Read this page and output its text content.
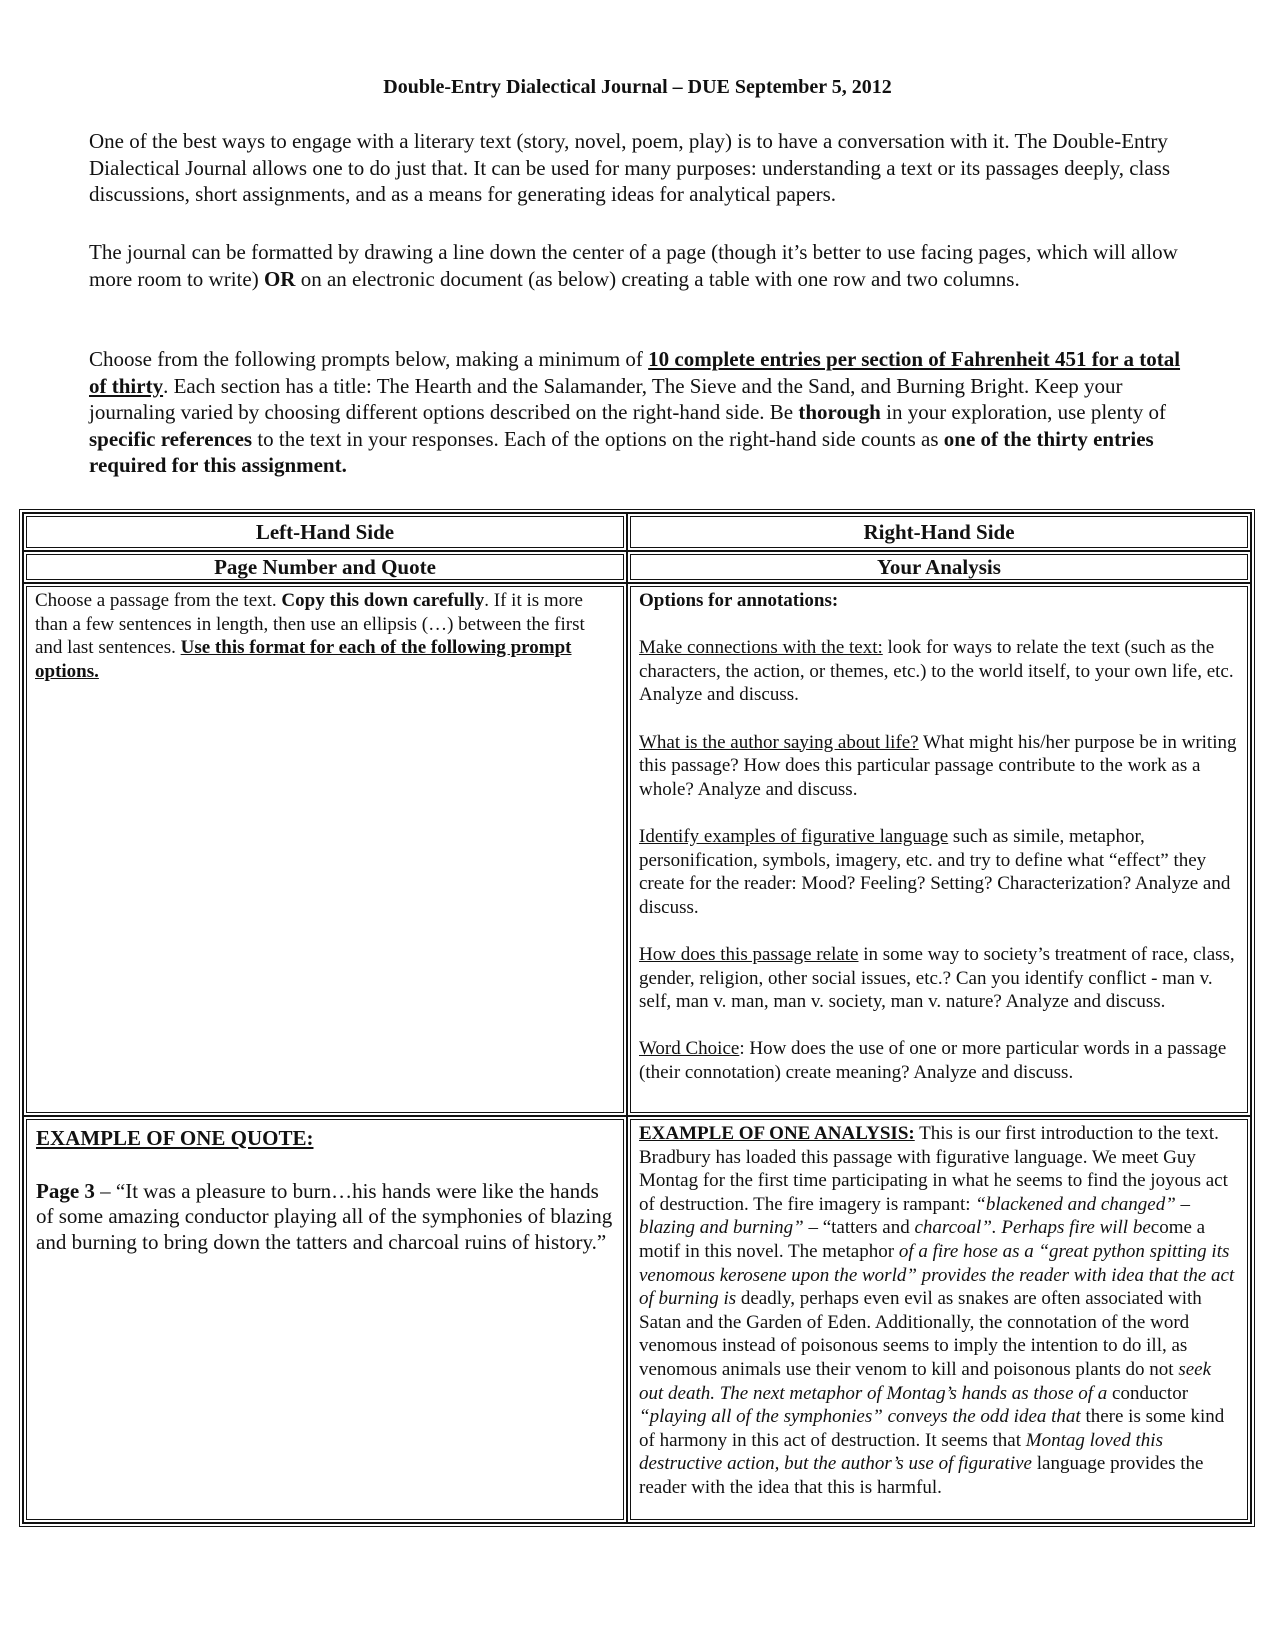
Double-Entry Dialectical Journal – DUE September 5, 2012

One of the best ways to engage with a literary text (story, novel, poem, play) is to have a conversation with it. The Double-Entry Dialectical Journal allows one to do just that. It can be used for many purposes: understanding a text or its passages deeply, class discussions, short assignments, and as a means for generating ideas for analytical papers.

The journal can be formatted by drawing a line down the center of a page (though it’s better to use facing pages, which will allow more room to write) OR on an electronic document (as below) creating a table with one row and two columns.

Choose from the following prompts below, making a minimum of 10 complete entries per section of Fahrenheit 451 for a total of thirty. Each section has a title: The Hearth and the Salamander, The Sieve and the Sand, and Burning Bright. Keep your journaling varied by choosing different options described on the right-hand side. Be thorough in your exploration, use plenty of specific references to the text in your responses. Each of the options on the right-hand side counts as one of the thirty entries required for this assignment.

Left-Hand Side	Right-Hand Side
Page Number and Quote	Your Analysis

Choose a passage from the text. Copy this down carefully. If it is more than a few sentences in length, then use an ellipsis (…) between the first and last sentences. Use this format for each of the following prompt options.

Options for annotations:

Make connections with the text: look for ways to relate the text (such as the characters, the action, or themes, etc.) to the world itself, to your own life, etc. Analyze and discuss.

What is the author saying about life? What might his/her purpose be in writing this passage? How does this particular passage contribute to the work as a whole? Analyze and discuss.

Identify examples of figurative language such as simile, metaphor, personification, symbols, imagery, etc. and try to define what “effect” they create for the reader: Mood? Feeling? Setting? Characterization? Analyze and discuss.

How does this passage relate in some way to society’s treatment of race, class, gender, religion, other social issues, etc.? Can you identify conflict - man v. self, man v. man, man v. society, man v. nature? Analyze and discuss.

Word Choice: How does the use of one or more particular words in a passage (their connotation) create meaning? Analyze and discuss.

EXAMPLE OF ONE QUOTE:

Page 3 – “It was a pleasure to burn…his hands were like the hands of some amazing conductor playing all of the symphonies of blazing and burning to bring down the tatters and charcoal ruins of history.”

EXAMPLE OF ONE ANALYSIS: This is our first introduction to the text. Bradbury has loaded this passage with figurative language. We meet Guy Montag for the first time participating in what he seems to find the joyous act of destruction. The fire imagery is rampant: “blackened and changed” – blazing and burning” – “tatters and charcoal”. Perhaps fire will become a motif in this novel. The metaphor of a fire hose as a “great python spitting its venomous kerosene upon the world” provides the reader with idea that the act of burning is deadly, perhaps even evil as snakes are often associated with Satan and the Garden of Eden. Additionally, the connotation of the word venomous instead of poisonous seems to imply the intention to do ill, as venomous animals use their venom to kill and poisonous plants do not seek out death. The next metaphor of Montag’s hands as those of a conductor “playing all of the symphonies” conveys the odd idea that there is some kind of harmony in this act of destruction. It seems that Montag loved this destructive action, but the author’s use of figurative language provides the reader with the idea that this is harmful.
